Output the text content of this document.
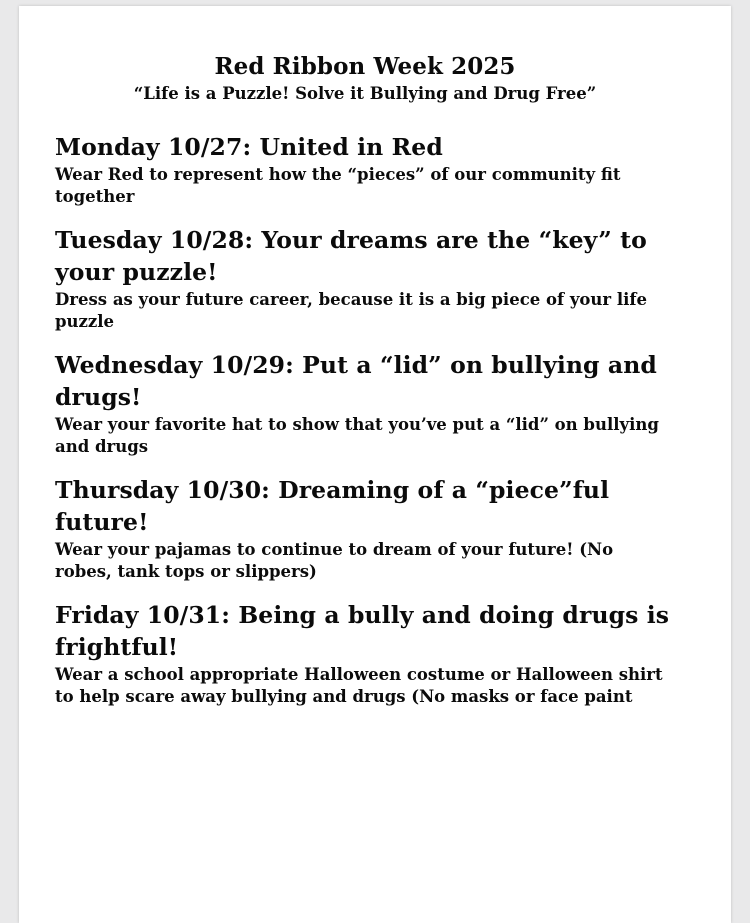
Red Ribbon Week 2025

“Life is a Puzzle! Solve it Bullying and Drug Free”

Monday 10/27: United in Red

Wear Red to represent how the “pieces” of our community fit together

Tuesday 10/28: Your dreams are the “key” to your puzzle!

Dress as your future career, because it is a big piece of your life puzzle

Wednesday 10/29: Put a “lid” on bullying and drugs!

Wear your favorite hat to show that you’ve put a “lid” on bullying and drugs

Thursday 10/30: Dreaming of a “piece”ful future!

Wear your pajamas to continue to dream of your future! (No robes, tank tops or slippers)

Friday 10/31: Being a bully and doing drugs is frightful!

Wear a school appropriate Halloween costume or Halloween shirt to help scare away bullying and drugs (No masks or face paint
